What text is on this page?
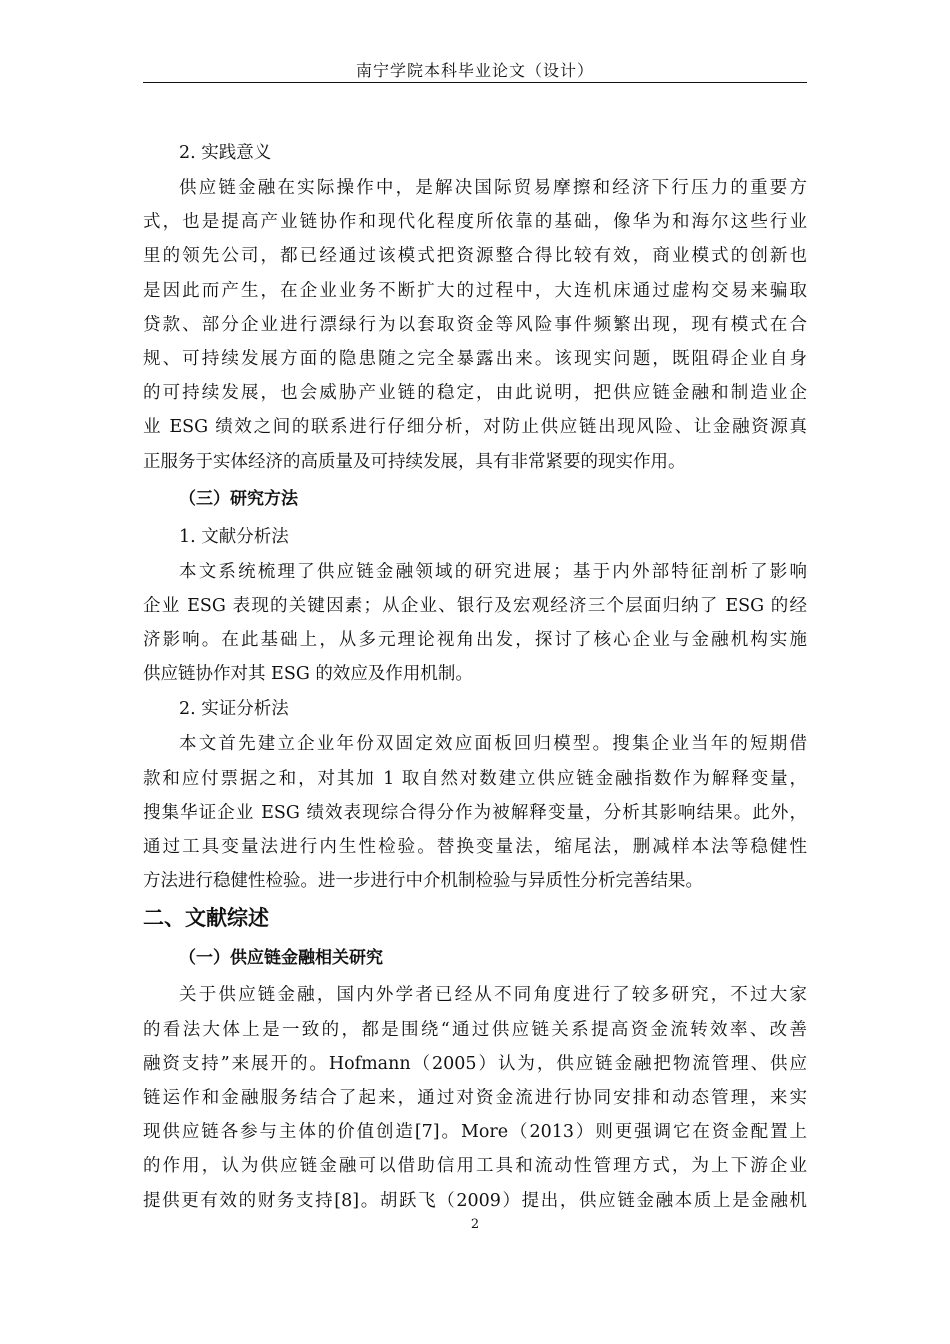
南宁学院本科毕业论文（设计）
2. 实践意义
供应链金融在实际操作中，是解决国际贸易摩擦和经济下行压力的重要方
式，也是提高产业链协作和现代化程度所依靠的基础，像华为和海尔这些行业
里的领先公司，都已经通过该模式把资源整合得比较有效，商业模式的创新也
是因此而产生，在企业业务不断扩大的过程中，大连机床通过虚构交易来骗取
贷款、部分企业进行漂绿行为以套取资金等风险事件频繁出现，现有模式在合
规、可持续发展方面的隐患随之完全暴露出来。该现实问题，既阻碍企业自身
的可持续发展，也会威胁产业链的稳定，由此说明，把供应链金融和制造业企
业 ESG 绩效之间的联系进行仔细分析，对防止供应链出现风险、让金融资源真
正服务于实体经济的高质量及可持续发展，具有非常紧要的现实作用。
（三）研究方法
1. 文献分析法
本文系统梳理了供应链金融领域的研究进展；基于内外部特征剖析了影响
企业 ESG 表现的关键因素；从企业、银行及宏观经济三个层面归纳了 ESG 的经
济影响。在此基础上，从多元理论视角出发，探讨了核心企业与金融机构实施
供应链协作对其 ESG 的效应及作用机制。
2. 实证分析法
本文首先建立企业年份双固定效应面板回归模型。搜集企业当年的短期借
款和应付票据之和，对其加 1 取自然对数建立供应链金融指数作为解释变量，
搜集华证企业 ESG 绩效表现综合得分作为被解释变量，分析其影响结果。此外，
通过工具变量法进行内生性检验。替换变量法，缩尾法，删减样本法等稳健性
方法进行稳健性检验。进一步进行中介机制检验与异质性分析完善结果。
二、文献综述
（一）供应链金融相关研究
关于供应链金融，国内外学者已经从不同角度进行了较多研究，不过大家
的看法大体上是一致的，都是围绕“通过供应链关系提高资金流转效率、改善
融资支持”来展开的。Hofmann（2005）认为，供应链金融把物流管理、供应
链运作和金融服务结合了起来，通过对资金流进行协同安排和动态管理，来实
现供应链各参与主体的价值创造[7]。More（2013）则更强调它在资金配置上
的作用，认为供应链金融可以借助信用工具和流动性管理方式，为上下游企业
提供更有效的财务支持[8]。胡跃飞（2009）提出，供应链金融本质上是金融机
2
